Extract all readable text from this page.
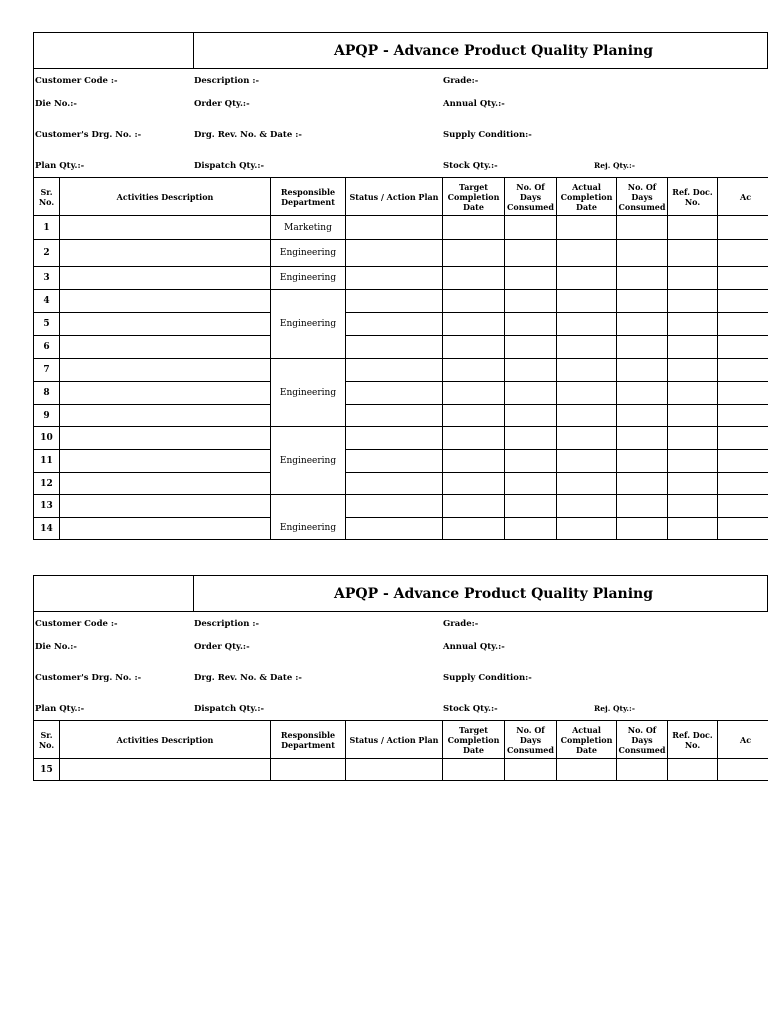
APQP - Advance Product Quality Planing
Customer Code :-	Description :-	Grade:-
Die No.:-	Order Qty.:-	Annual Qty.:-
Customer's Drg. No. :-	Drg. Rev. No. & Date :-	Supply Condition:-
Plan Qty.:-	Dispatch Qty.:-	Stock Qty.:-	Rej. Qty.:-
Sr. No.	Activities Description	Responsible Department	Status / Action Plan	Target Completion Date	No. Of Days Consumed	Actual Completion Date	No. Of Days Consumed	Ref. Doc. No.	Ac
1		Marketing							
2		Engineering							
3		Engineering							
4		Engineering							
5									
6									
7		Engineering							
8									
9									
10		Engineering							
11									
12									
13		Engineering							
14									
APQP - Advance Product Quality Planing
Customer Code :-	Description :-	Grade:-
Die No.:-	Order Qty.:-	Annual Qty.:-
Customer's Drg. No. :-	Drg. Rev. No. & Date :-	Supply Condition:-
Plan Qty.:-	Dispatch Qty.:-	Stock Qty.:-	Rej. Qty.:-
Sr. No.	Activities Description	Responsible Department	Status / Action Plan	Target Completion Date	No. Of Days Consumed	Actual Completion Date	No. Of Days Consumed	Ref. Doc. No.	Ac
15									
